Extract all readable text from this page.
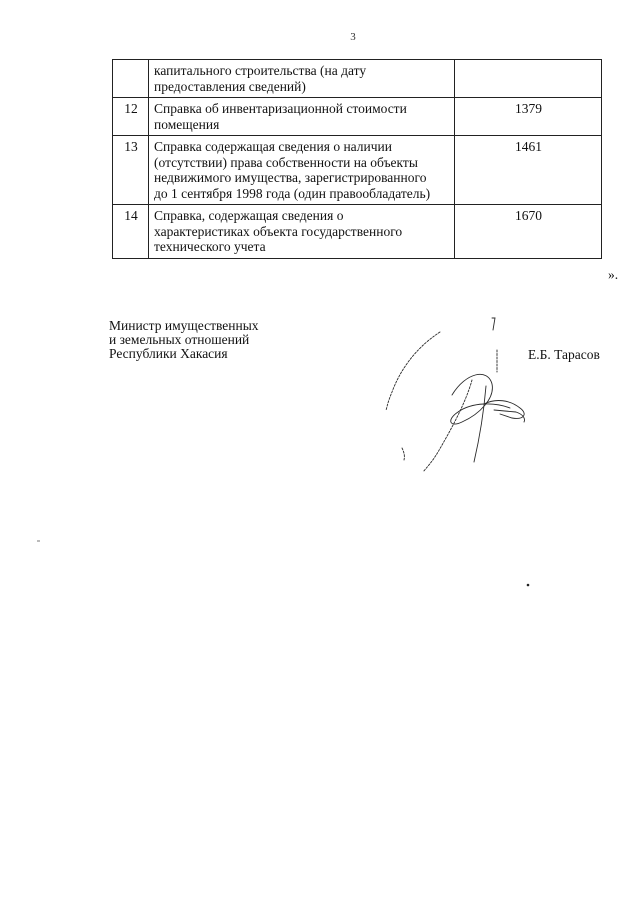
3

	капитального строительства (на дату
предоставления сведений)	

12	Справка об инвентаризационной стоимости
помещения	1379
13	Справка содержащая сведения о наличии
(отсутствии) права собственности на объекты
недвижимого имущества, зарегистрированного
до 1 сентября 1998 года (один правообладатель)	1461
14	Справка, содержащая сведения о
характеристиках объекта государственного
технического учета	1670
».
Министр имущественных
и земельных отношений
Республики Хакасия	Е.Б. Тарасов
